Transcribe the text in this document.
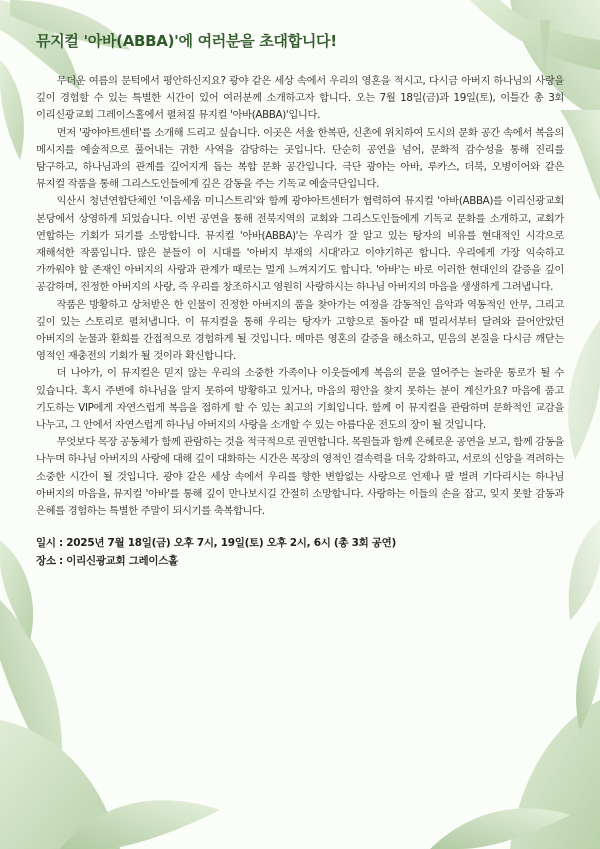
뮤지컬 '아바(ABBA)'에 여러분을 초대합니다!

무더운 여름의 문턱에서 평안하신지요? 광야 같은 세상 속에서 우리의 영혼을 적시고, 다시금 아버지 하나님의 사랑을 깊이 경험할 수 있는 특별한 시간이 있어 여러분께 소개하고자 합니다. 오는 7월 18일(금)과 19일(토), 이틀간 총 3회 이리신광교회 그레이스홀에서 펼쳐질 뮤지컬 '아바(ABBA)'입니다.

먼저 '광야아트센터'를 소개해 드리고 싶습니다. 이곳은 서울 한복판, 신촌에 위치하여 도시의 문화 공간 속에서 복음의 메시지를 예술적으로 풀어내는 귀한 사역을 감당하는 곳입니다. 단순히 공연을 넘어, 문화적 감수성을 통해 진리를 탐구하고, 하나님과의 관계를 깊어지게 돕는 복합 문화 공간입니다. 극단 광야는 아바, 루카스, 더북, 오병이어와 같은 뮤지컬 작품을 통해 그리스도인들에게 깊은 감동을 주는 기독교 예술극단입니다.

익산시 청년연합단체인 '이음세움 미니스트리'와 함께 광야아트센터가 협력하여 뮤지컬 '아바(ABBA)를 이리신광교회 본당에서 상영하게 되었습니다. 이번 공연을 통해 전북지역의 교회와 그리스도인들에게 기독교 문화를 소개하고, 교회가 연합하는 기회가 되기를 소망합니다. 뮤지컬 '아바(ABBA)'는 우리가 잘 알고 있는 탕자의 비유를 현대적인 시각으로 재해석한 작품입니다. 많은 분들이 이 시대를 '아버지 부재의 시대'라고 이야기하곤 합니다. 우리에게 가장 익숙하고 가까워야 할 존재인 아버지의 사랑과 관계가 때로는 멀게 느껴지기도 합니다. '아바'는 바로 이러한 현대인의 갈증을 깊이 공감하며, 진정한 아버지의 사랑, 즉 우리를 창조하시고 영원히 사랑하시는 하나님 아버지의 마음을 생생하게 그려냅니다.

작품은 방황하고 상처받은 한 인물이 진정한 아버지의 품을 찾아가는 여정을 감동적인 음악과 역동적인 안무, 그리고 깊이 있는 스토리로 펼쳐냅니다. 이 뮤지컬을 통해 우리는 탕자가 고향으로 돌아갈 때 멀리서부터 달려와 끌어안았던 아버지의 눈물과 환희를 간접적으로 경험하게 될 것입니다. 메마른 영혼의 갈증을 해소하고, 믿음의 본질을 다시금 깨닫는 영적인 재충전의 기회가 될 것이라 확신합니다.

더 나아가, 이 뮤지컬은 믿지 않는 우리의 소중한 가족이나 이웃들에게 복음의 문을 열어주는 놀라운 통로가 될 수 있습니다. 혹시 주변에 하나님을 알지 못하여 방황하고 있거나, 마음의 평안을 찾지 못하는 분이 계신가요? 마음에 품고 기도하는 VIP에게 자연스럽게 복음을 접하게 할 수 있는 최고의 기회입니다. 함께 이 뮤지컬을 관람하며 문화적인 교감을 나누고, 그 안에서 자연스럽게 하나님 아버지의 사랑을 소개할 수 있는 아름다운 전도의 장이 될 것입니다.

무엇보다 목장 공동체가 함께 관람하는 것을 적극적으로 권면합니다. 목원들과 함께 은혜로운 공연을 보고, 함께 감동을 나누며 하나님 아버지의 사랑에 대해 깊이 대화하는 시간은 목장의 영적인 결속력을 더욱 강화하고, 서로의 신앙을 격려하는 소중한 시간이 될 것입니다. 광야 같은 세상 속에서 우리를 향한 변함없는 사랑으로 언제나 팔 벌려 기다리시는 하나님 아버지의 마음을, 뮤지컬 '아바'를 통해 깊이 만나보시길 간절히 소망합니다. 사랑하는 이들의 손을 잡고, 잊지 못할 감동과 은혜를 경험하는 특별한 주말이 되시기를 축복합니다.

일시 : 2025년 7월 18일(금) 오후 7시, 19일(토) 오후 2시, 6시 (총 3회 공연)
장소 : 이리신광교회 그레이스홀
